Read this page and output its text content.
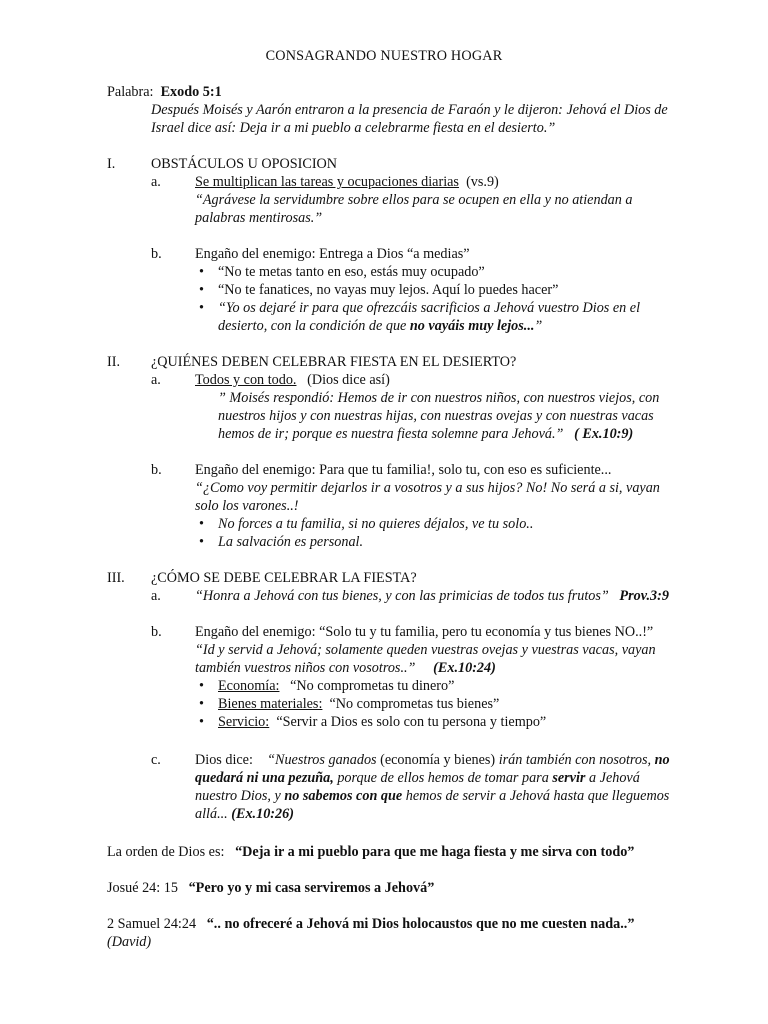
CONSAGRANDO NUESTRO HOGAR
Palabra: Exodo 5:1
Después Moisés y Aarón entraron a la presencia de Faraón y le dijeron: Jehová el Dios de
Israel dice así: Deja ir a mi pueblo a celebrarme fiesta en el desierto.”
I.	OBSTÁCULOS U OPOSICION
a. Se multiplican las tareas y ocupaciones diarias (vs.9)
“Agrávese la servidumbre sobre ellos para se ocupen en ella y no atiendan a
palabras mentirosas.”
b. Engaño del enemigo: Entrega a Dios “a medias”
• “No te metas tanto en eso, estás muy ocupado”
• “No te fanatices, no vayas muy lejos. Aquí lo puedes hacer”
• “Yo os dejaré ir para que ofrezcáis sacrificios a Jehová vuestro Dios en el
desierto, con la condición de que no vayáis muy lejos...”
II. ¿QUIÉNES DEBEN CELEBRAR FIESTA EN EL DESIERTO?
a. Todos y con todo. (Dios dice así)
” Moisés respondió: Hemos de ir con nuestros niños, con nuestros viejos, con
nuestros hijos y con nuestras hijas, con nuestras ovejas y con nuestras vacas
hemos de ir; porque es nuestra fiesta solemne para Jehová.” ( Ex.10:9)
b. Engaño del enemigo: Para que tu familia!, solo tu, con eso es suficiente...
“¿Como voy permitir dejarlos ir a vosotros y a sus hijos? No! No será a si, vayan
solo los varones..!
• No forces a tu familia, si no quieres déjalos, ve tu solo..
• La salvación es personal.
III. ¿CÓMO SE DEBE CELEBRAR LA FIESTA?
a. “Honra a Jehová con tus bienes, y con las primicias de todos tus frutos” Prov.3:9
b. Engaño del enemigo: “Solo tu y tu familia, pero tu economía y tus bienes NO..!”
“Id y servid a Jehová; solamente queden vuestras ovejas y vuestras vacas, vayan
también vuestros niños con vosotros..” (Ex.10:24)
• Economía: “No comprometas tu dinero”
• Bienes materiales: “No comprometas tus bienes”
• Servicio: “Servir a Dios es solo con tu persona y tiempo”
c. Dios dice: “Nuestros ganados (economía y bienes) irán también con nosotros, no
quedará ni una pezuña, porque de ellos hemos de tomar para servir a Jehová
nuestro Dios, y no sabemos con que hemos de servir a Jehová hasta que lleguemos
allá... (Ex.10:26)
La orden de Dios es: “Deja ir a mi pueblo para que me haga fiesta y me sirva con todo”
Josué 24: 15 “Pero yo y mi casa serviremos a Jehová”
2 Samuel 24:24 “.. no ofreceré a Jehová mi Dios holocaustos que no me cuesten nada..”
(David)
